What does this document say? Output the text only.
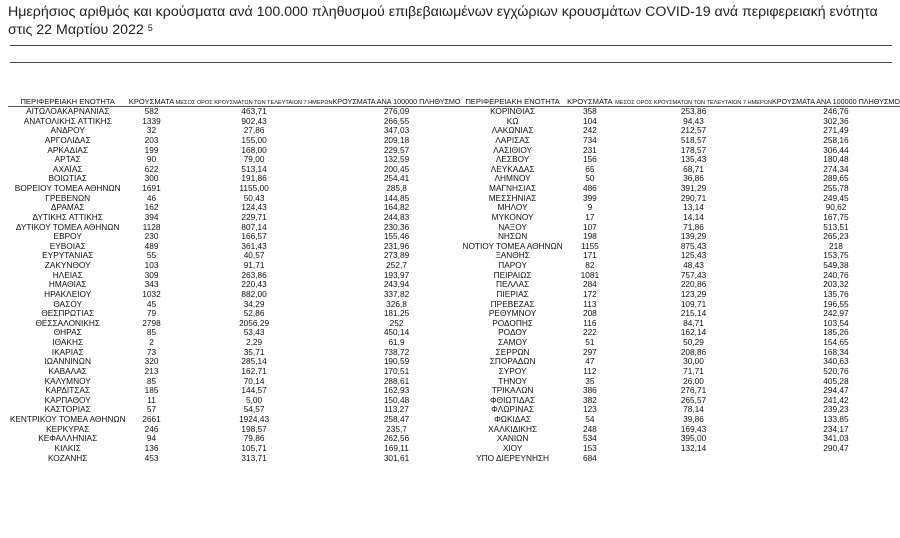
Ημερήσιος αριθμός και κρούσματα ανά 100.000 πληθυσμού επιβεβαιωμένων εγχώριων κρουσμάτων COVID-19 ανά περιφερειακή ενότητα στις 22 Μαρτίου 2022 $^5$
ΠΕΡΙΦΕΡΕΙΑΚΗ ΕΝΟΤΗΤΑ	ΚΡΟΥΣΜΑΤΑ	ΜΕΣΟΣ ΟΡΟΣ ΚΡΟΥΣΜΑΤΩΝ ΤΩΝ ΤΕΛΕΥΤΑΙΩΝ 7 ΗΜΕΡΩΝ	ΚΡΟΥΣΜΑΤΑ ΑΝΑ 100000 ΠΛΗΘΥΣΜΟ	ΠΕΡΙΦΕΡΕΙΑΚΗ ΕΝΟΤΗΤΑ	ΚΡΟΥΣΜΑΤΑ	ΜΕΣΟΣ ΟΡΟΣ ΚΡΟΥΣΜΑΤΩΝ ΤΩΝ ΤΕΛΕΥΤΑΙΩΝ 7 ΗΜΕΡΩΝ	ΚΡΟΥΣΜΑΤΑ ΑΝΑ 100000 ΠΛΗΘΥΣΜΟ
ΑΙΤΩΛΟΑΚΑΡΝΑΝΙΑΣ	582	463,71	276,09	ΚΟΡΙΝΘΙΑΣ	358	253,86	246,76
ΑΝΑΤΟΛΙΚΗΣ ΑΤΤΙΚΗΣ	1339	902,43	266,55	ΚΩ	104	94,43	302,36
ΑΝΔΡΟΥ	32	27,86	347,03	ΛΑΚΩΝΙΑΣ	242	212,57	271,49
ΑΡΓΟΛΙΔΑΣ	203	155,00	209,18	ΛΑΡΙΣΑΣ	734	518,57	258,16
ΑΡΚΑΔΙΑΣ	199	168,00	229,57	ΛΑΣΙΘΙΟΥ	231	178,57	306,44
ΑΡΤΑΣ	90	79,00	132,59	ΛΕΣΒΟΥ	156	135,43	180,48
ΑΧΑΪΑΣ	622	513,14	200,45	ΛΕΥΚΑΔΑΣ	65	68,71	274,34
ΒΟΙΩΤΙΑΣ	300	191,86	254,41	ΛΗΜΝΟΥ	50	36,86	289,65
ΒΟΡΕΙΟΥ ΤΟΜΕΑ ΑΘΗΝΩΝ	1691	1155,00	285,8	ΜΑΓΝΗΣΙΑΣ	486	391,29	255,78
ΓΡΕΒΕΝΩΝ	46	50,43	144,85	ΜΕΣΣΗΝΙΑΣ	399	290,71	249,45
ΔΡΑΜΑΣ	162	124,43	164,82	ΜΗΛΟΥ	9	13,14	90,62
ΔΥΤΙΚΗΣ ΑΤΤΙΚΗΣ	394	229,71	244,83	ΜΥΚΟΝΟΥ	17	14,14	167,75
ΔΥΤΙΚΟΥ ΤΟΜΕΑ ΑΘΗΝΩΝ	1128	807,14	230,36	ΝΑΞΟΥ	107	71,86	513,51
ΕΒΡΟΥ	230	166,57	155,46	ΝΗΣΩΝ	198	139,29	265,23
ΕΥΒΟΙΑΣ	489	361,43	231,96	ΝΟΤΙΟΥ ΤΟΜΕΑ ΑΘΗΝΩΝ	1155	875,43	218
ΕΥΡΥΤΑΝΙΑΣ	55	40,57	273,89	ΞΑΝΘΗΣ	171	125,43	153,75
ΖΑΚΥΝΘΟΥ	103	91,71	252,7	ΠΑΡΟΥ	82	48,43	549,38
ΗΛΕΙΑΣ	309	263,86	193,97	ΠΕΙΡΑΙΩΣ	1081	757,43	240,76
ΗΜΑΘΙΑΣ	343	220,43	243,94	ΠΕΛΛΑΣ	284	220,86	203,32
ΗΡΑΚΛΕΙΟΥ	1032	882,00	337,82	ΠΙΕΡΙΑΣ	172	123,29	135,76
ΘΑΣΟΥ	45	34,29	326,8	ΠΡΕΒΕΖΑΣ	113	109,71	196,55
ΘΕΣΠΡΩΤΙΑΣ	79	52,86	181,25	ΡΕΘΥΜΝΟΥ	208	215,14	242,97
ΘΕΣΣΑΛΟΝΙΚΗΣ	2798	2056,29	252	ΡΟΔΟΠΗΣ	116	84,71	103,54
ΘΗΡΑΣ	85	53,43	450,14	ΡΟΔΟΥ	222	162,14	185,26
ΙΘΑΚΗΣ	2	2,29	61,9	ΣΑΜΟΥ	51	50,29	154,65
ΙΚΑΡΙΑΣ	73	35,71	738,72	ΣΕΡΡΩΝ	297	208,86	168,34
ΙΩΑΝΝΙΝΩΝ	320	285,14	190,59	ΣΠΟΡΑΔΩΝ	47	30,00	340,63
ΚΑΒΑΛΑΣ	213	162,71	170,51	ΣΥΡΟΥ	112	71,71	520,76
ΚΑΛΥΜΝΟΥ	85	70,14	288,61	ΤΗΝΟΥ	35	26,00	405,28
ΚΑΡΔΙΤΣΑΣ	185	144,57	162,93	ΤΡΙΚΑΛΩΝ	386	276,71	294,47
ΚΑΡΠΑΘΟΥ	11	5,00	150,48	ΦΘΙΩΤΙΔΑΣ	382	265,57	241,42
ΚΑΣΤΟΡΙΑΣ	57	54,57	113,27	ΦΛΩΡΙΝΑΣ	123	78,14	239,23
ΚΕΝΤΡΙΚΟΥ ΤΟΜΕΑ ΑΘΗΝΩΝ	2661	1924,43	258,47	ΦΩΚΙΔΑΣ	54	39,86	133,85
ΚΕΡΚΥΡΑΣ	246	198,57	235,7	ΧΑΛΚΙΔΙΚΗΣ	248	169,43	234,17
ΚΕΦΑΛΛΗΝΙΑΣ	94	79,86	262,56	ΧΑΝΙΩΝ	534	395,00	341,03
ΚΙΛΚΙΣ	136	105,71	169,11	ΧΙΟΥ	153	132,14	290,47
ΚΟΖΑΝΗΣ	453	313,71	301,61	ΥΠΟ ΔΙΕΡΕΥΝΗΣΗ	684		
